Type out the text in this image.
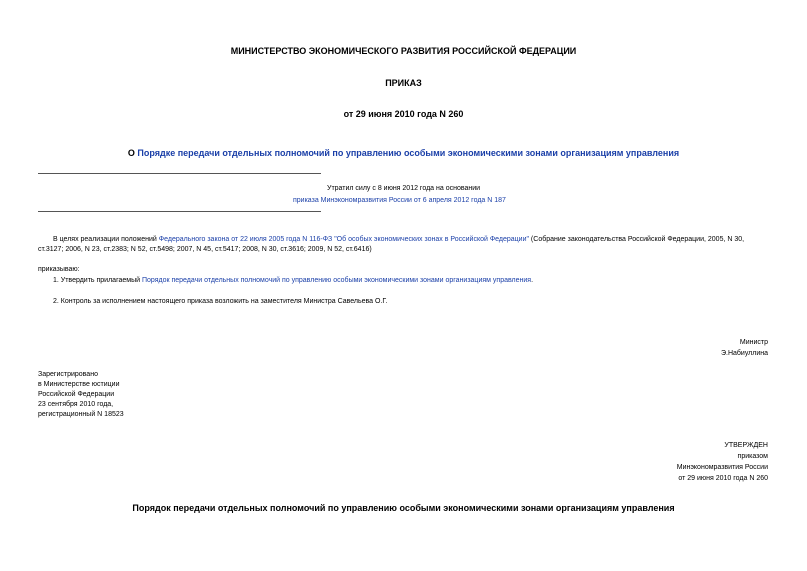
МИНИСТЕРСТВО ЭКОНОМИЧЕСКОГО РАЗВИТИЯ РОССИЙСКОЙ ФЕДЕРАЦИИ
ПРИКАЗ
от 29 июня 2010 года N 260
О Порядке передачи отдельных полномочий по управлению особыми экономическими зонами организациям управления
Утратил силу с 8 июня 2012 года на основании
приказа Минэкономразвития России от 6 апреля 2012 года N 187
В целях реализации положений Федерального закона от 22 июля 2005 года N 116-ФЗ "Об особых экономических зонах в Российской Федерации" (Собрание законодательства Российской Федерации, 2005, N 30,
ст.3127; 2006, N 23, ст.2383; N 52, ст.5498; 2007, N 45, ст.5417; 2008, N 30, ст.3616; 2009, N 52, ст.6416)
приказываю:
1. Утвердить прилагаемый Порядок передачи отдельных полномочий по управлению особыми экономическими зонами организациям управления.
2. Контроль за исполнением настоящего приказа возложить на заместителя Министра Савельева О.Г.
Министр
Э.Набиуллина
Зарегистрировано
в Министерстве юстиции
Российской Федерации
23 сентября 2010 года,
регистрационный N 18523
УТВЕРЖДЕН
приказом
Минэкономразвития России
от 29 июня 2010 года N 260
Порядок передачи отдельных полномочий по управлению особыми экономическими зонами организациям управления
